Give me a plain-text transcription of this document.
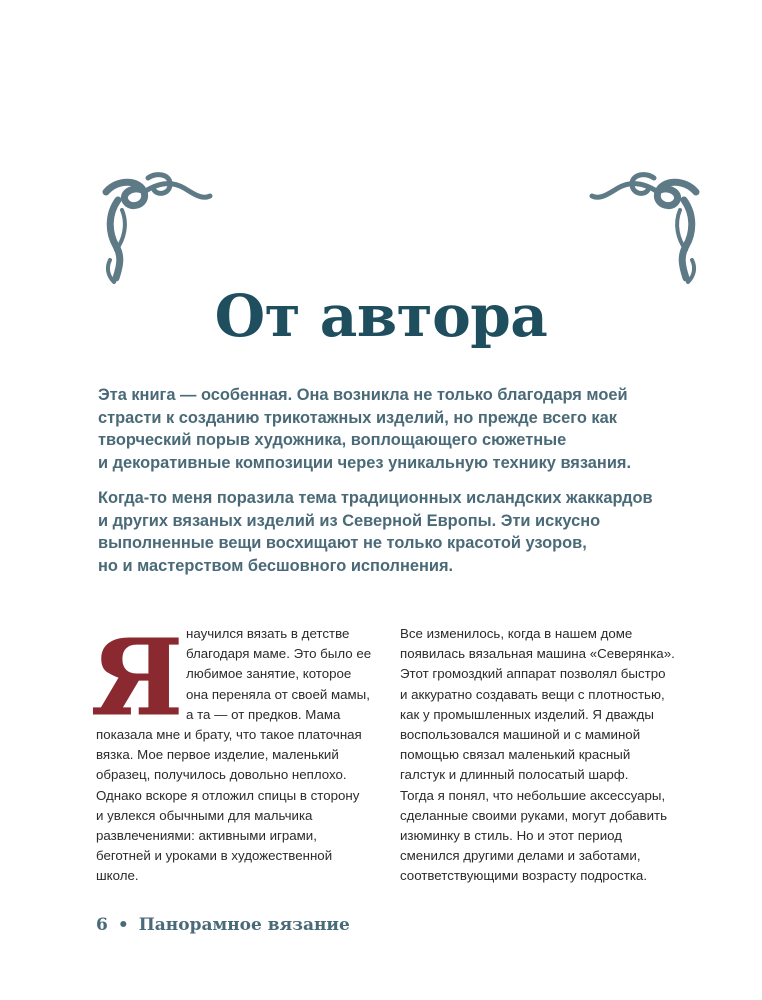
От автора
Эта книга — особенная. Она возникла не только благодаря моей
страсти к созданию трикотажных изделий, но прежде всего как
творческий порыв художника, воплощающего сюжетные
и декоративные композиции через уникальную технику вязания.
Когда-то меня поразила тема традиционных исландских жаккардов
и других вязаных изделий из Северной Европы. Эти искусно
выполненные вещи восхищают не только красотой узоров,
но и мастерством бесшовного исполнения.
Я научился вязать в детстве
благодаря маме. Это было ее
любимое занятие, которое
она переняла от своей мамы,
а та — от предков. Мама
показала мне и брату, что такое платочная
вязка. Мое первое изделие, маленький
образец, получилось довольно неплохо.
Однако вскоре я отложил спицы в сторону
и увлекся обычными для мальчика
развлечениями: активными играми,
беготней и уроками в художественной
школе.
Все изменилось, когда в нашем доме
появилась вязальная машина «Северянка».
Этот громоздкий аппарат позволял быстро
и аккуратно создавать вещи с плотностью,
как у промышленных изделий. Я дважды
воспользовался машиной и с маминой
помощью связал маленький красный
галстук и длинный полосатый шарф.
Тогда я понял, что небольшие аксессуары,
сделанные своими руками, могут добавить
изюминку в стиль. Но и этот период
сменился другими делами и заботами,
соответствующими возрасту подростка.
6 • Панорамное вязание
